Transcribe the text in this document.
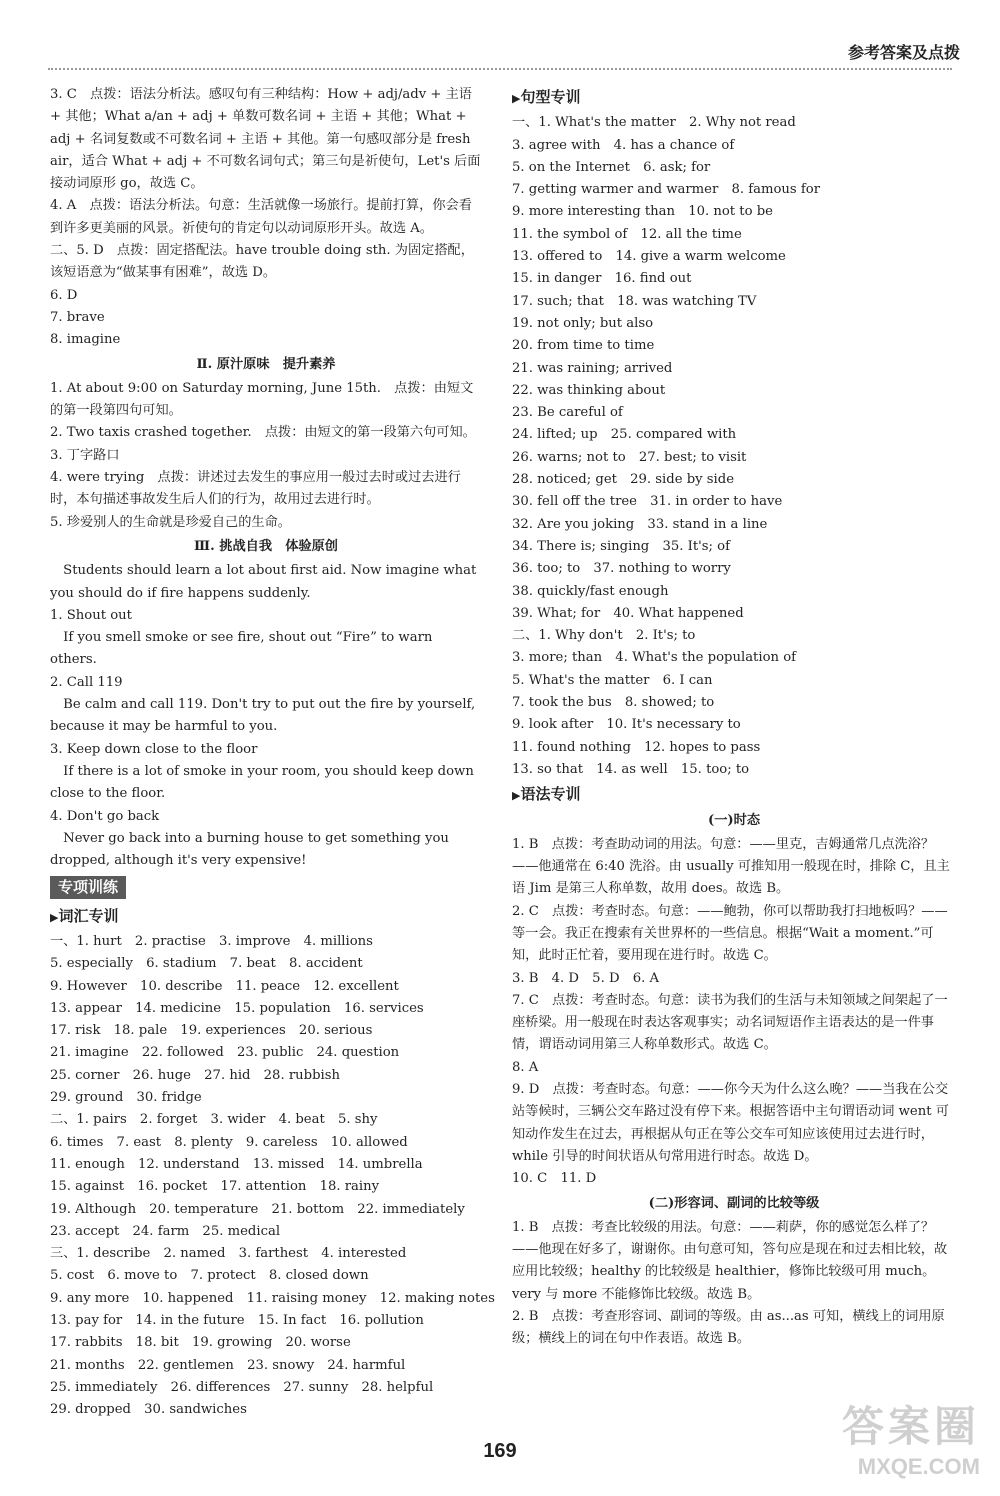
参考答案及点拨
3. C　点拨：语法分析法。感叹句有三种结构：How + adj/adv + 主语 + 其他；What a/an + adj + 单数可数名词 + 主语 + 其他；What + adj + 名词复数或不可数名词 + 主语 + 其他。第一句感叹部分是 fresh air，适合 What + adj + 不可数名词句式；第三句是祈使句，Let's 后面接动词原形 go，故选 C。
4. A　点拨：语法分析法。句意：生活就像一场旅行。提前打算，你会看到许多更美丽的风景。祈使句的肯定句以动词原形开头。故选 A。
二、5. D　点拨：固定搭配法。have trouble doing sth. 为固定搭配，该短语意为“做某事有困难”，故选 D。
6. D
7. brave
8. imagine
Ⅱ. 原汁原味　提升素养
1. At about 9:00 on Saturday morning, June 15th.　点拨：由短文的第一段第四句可知。
2. Two taxis crashed together.　点拨：由短文的第一段第六句可知。
3. 丁字路口
4. were trying　点拨：讲述过去发生的事应用一般过去时或过去进行时，本句描述事故发生后人们的行为，故用过去进行时。
5. 珍爱别人的生命就是珍爱自己的生命。
Ⅲ. 挑战自我　体验原创
　Students should learn a lot about first aid. Now imagine what you should do if fire happens suddenly.
1. Shout out
　If you smell smoke or see fire, shout out “Fire” to warn others.
2. Call 119
　Be calm and call 119. Don't try to put out the fire by yourself, because it may be harmful to you.
3. Keep down close to the floor
　If there is a lot of smoke in your room, you should keep down close to the floor.
4. Don't go back
　Never go back into a burning house to get something you dropped, although it's very expensive!
专项训练
▶ 词汇专训
一、1. hurt　2. practise　3. improve　4. millions
5. especially　6. stadium　7. beat　8. accident
9. However　10. describe　11. peace　12. excellent
13. appear　14. medicine　15. population　16. services
17. risk　18. pale　19. experiences　20. serious
21. imagine　22. followed　23. public　24. question
25. corner　26. huge　27. hid　28. rubbish
29. ground　30. fridge
二、1. pairs　2. forget　3. wider　4. beat　5. shy
6. times　7. east　8. plenty　9. careless　10. allowed
11. enough　12. understand　13. missed　14. umbrella
15. against　16. pocket　17. attention　18. rainy
19. Although　20. temperature　21. bottom　22. immediately
23. accept　24. farm　25. medical
三、1. describe　2. named　3. farthest　4. interested
5. cost　6. move to　7. protect　8. closed down
9. any more　10. happened　11. raising money　12. making notes
13. pay for　14. in the future　15. In fact　16. pollution
17. rabbits　18. bit　19. growing　20. worse
21. months　22. gentlemen　23. snowy　24. harmful
25. immediately　26. differences　27. sunny　28. helpful
29. dropped　30. sandwiches
▶ 句型专训
一、1. What's the matter　2. Why not read
3. agree with　4. has a chance of
5. on the Internet　6. ask; for
7. getting warmer and warmer　8. famous for
9. more interesting than　10. not to be
11. the symbol of　12. all the time
13. offered to　14. give a warm welcome
15. in danger　16. find out
17. such; that　18. was watching TV
19. not only; but also
20. from time to time
21. was raining; arrived
22. was thinking about
23. Be careful of
24. lifted; up　25. compared with
26. warns; not to　27. best; to visit
28. noticed; get　29. side by side
30. fell off the tree　31. in order to have
32. Are you joking　33. stand in a line
34. There is; singing　35. It's; of
36. too; to　37. nothing to worry
38. quickly/fast enough
39. What; for　40. What happened
二、1. Why don't　2. It's; to
3. more; than　4. What's the population of
5. What's the matter　6. I can
7. took the bus　8. showed; to
9. look after　10. It's necessary to
11. found nothing　12. hopes to pass
13. so that　14. as well　15. too; to
▶ 语法专训
(一)时态
1. B　点拨：考查助动词的用法。句意：——里克，吉姆通常几点洗浴？——他通常在 6:40 洗浴。由 usually 可推知用一般现在时，排除 C，且主语 Jim 是第三人称单数，故用 does。故选 B。
2. C　点拨：考查时态。句意：——鲍勃，你可以帮助我打扫地板吗？——等一会。我正在搜索有关世界杯的一些信息。根据“Wait a moment.”可知，此时正忙着，要用现在进行时。故选 C。
3. B　4. D　5. D　6. A
7. C　点拨：考查时态。句意：读书为我们的生活与未知领域之间架起了一座桥梁。用一般现在时表达客观事实；动名词短语作主语表达的是一件事情，谓语动词用第三人称单数形式。故选 C。
8. A
9. D　点拨：考查时态。句意：——你今天为什么这么晚？——当我在公交站等候时，三辆公交车路过没有停下来。根据答语中主句谓语动词 went 可知动作发生在过去，再根据从句正在等公交车可知应该使用过去进行时，while 引导的时间状语从句常用进行时态。故选 D。
10. C　11. D
(二)形容词、副词的比较等级
1. B　点拨：考查比较级的用法。句意：——莉萨，你的感觉怎么样了？——他现在好多了，谢谢你。由句意可知，答句应是现在和过去相比较，故应用比较级；healthy 的比较级是 healthier，修饰比较级可用 much。very 与 more 不能修饰比较级。故选 B。
2. B　点拨：考查形容词、副词的等级。由 as...as 可知，横线上的词用原级；横线上的词在句中作表语。故选 B。
169
答案圈
MXQE.COM
